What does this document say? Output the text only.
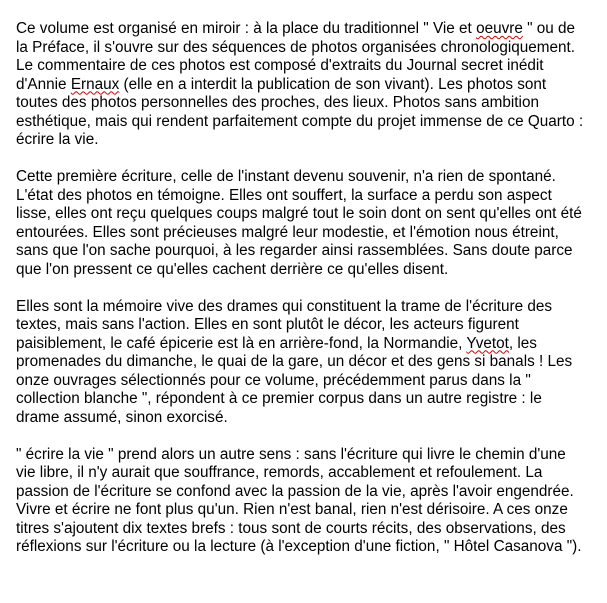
Ce volume est organisé en miroir : à la place du traditionnel " Vie et oeuvre " ou de
la Préface, il s'ouvre sur des séquences de photos organisées chronologiquement.
Le commentaire de ces photos est composé d'extraits du Journal secret inédit
d'Annie Ernaux (elle en a interdit la publication de son vivant). Les photos sont
toutes des photos personnelles des proches, des lieux. Photos sans ambition
esthétique, mais qui rendent parfaitement compte du projet immense de ce Quarto :
écrire la vie.
Cette première écriture, celle de l'instant devenu souvenir, n'a rien de spontané.
L'état des photos en témoigne. Elles ont souffert, la surface a perdu son aspect
lisse, elles ont reçu quelques coups malgré tout le soin dont on sent qu'elles ont été
entourées. Elles sont précieuses malgré leur modestie, et l'émotion nous étreint,
sans que l'on sache pourquoi, à les regarder ainsi rassemblées. Sans doute parce
que l'on pressent ce qu'elles cachent derrière ce qu'elles disent.
Elles sont la mémoire vive des drames qui constituent la trame de l'écriture des
textes, mais sans l'action. Elles en sont plutôt le décor, les acteurs figurent
paisiblement, le café épicerie est là en arrière-fond, la Normandie, Yvetot, les
promenades du dimanche, le quai de la gare, un décor et des gens si banals ! Les
onze ouvrages sélectionnés pour ce volume, précédemment parus dans la "
collection blanche ", répondent à ce premier corpus dans un autre registre : le
drame assumé, sinon exorcisé.
" écrire la vie " prend alors un autre sens : sans l'écriture qui livre le chemin d'une
vie libre, il n'y aurait que souffrance, remords, accablement et refoulement. La
passion de l'écriture se confond avec la passion de la vie, après l'avoir engendrée.
Vivre et écrire ne font plus qu'un. Rien n'est banal, rien n'est dérisoire. A ces onze
titres s'ajoutent dix textes brefs : tous sont de courts récits, des observations, des
réflexions sur l'écriture ou la lecture (à l'exception d'une fiction, " Hôtel Casanova ").
